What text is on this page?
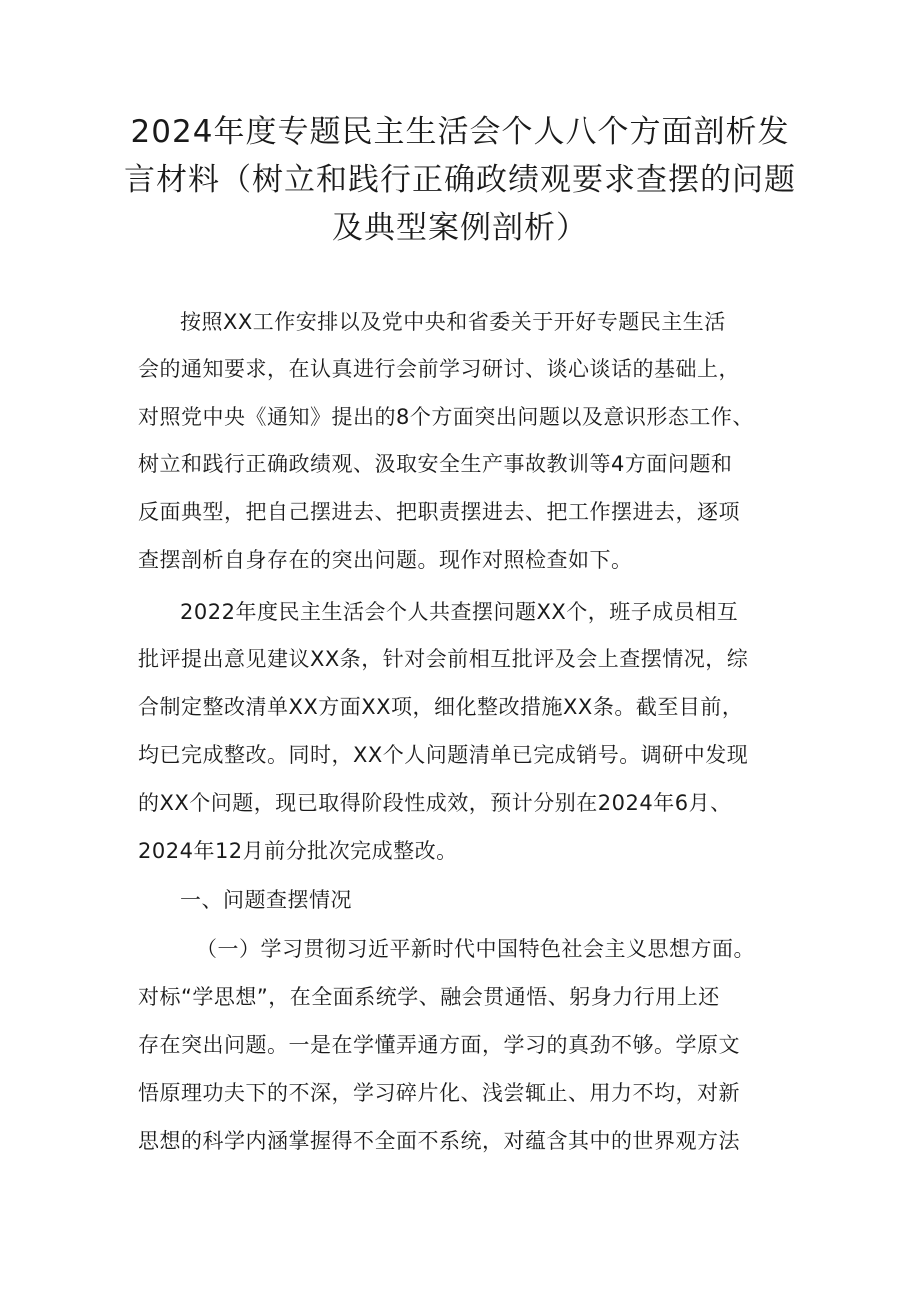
2024年度专题民主生活会个人八个方面剖析发
言材料（树立和践行正确政绩观要求查摆的问题
及典型案例剖析）
按照XX工作安排以及党中央和省委关于开好专题民主生活
会的通知要求，在认真进行会前学习研讨、谈心谈话的基础上，
对照党中央《通知》提出的8个方面突出问题以及意识形态工作、
树立和践行正确政绩观、汲取安全生产事故教训等4方面问题和
反面典型，把自己摆进去、把职责摆进去、把工作摆进去，逐项
查摆剖析自身存在的突出问题。现作对照检查如下。
2022年度民主生活会个人共查摆问题XX个，班子成员相互
批评提出意见建议XX条，针对会前相互批评及会上查摆情况，综
合制定整改清单XX方面XX项，细化整改措施XX条。截至目前，
均已完成整改。同时，XX个人问题清单已完成销号。调研中发现
的XX个问题，现已取得阶段性成效，预计分别在2024年6月、
2024年12月前分批次完成整改。
一、问题查摆情况
（一）学习贯彻习近平新时代中国特色社会主义思想方面。
对标“学思想”，在全面系统学、融会贯通悟、躬身力行用上还
存在突出问题。一是在学懂弄通方面，学习的真劲不够。学原文
悟原理功夫下的不深，学习碎片化、浅尝辄止、用力不均，对新
思想的科学内涵掌握得不全面不系统，对蕴含其中的世界观方法
